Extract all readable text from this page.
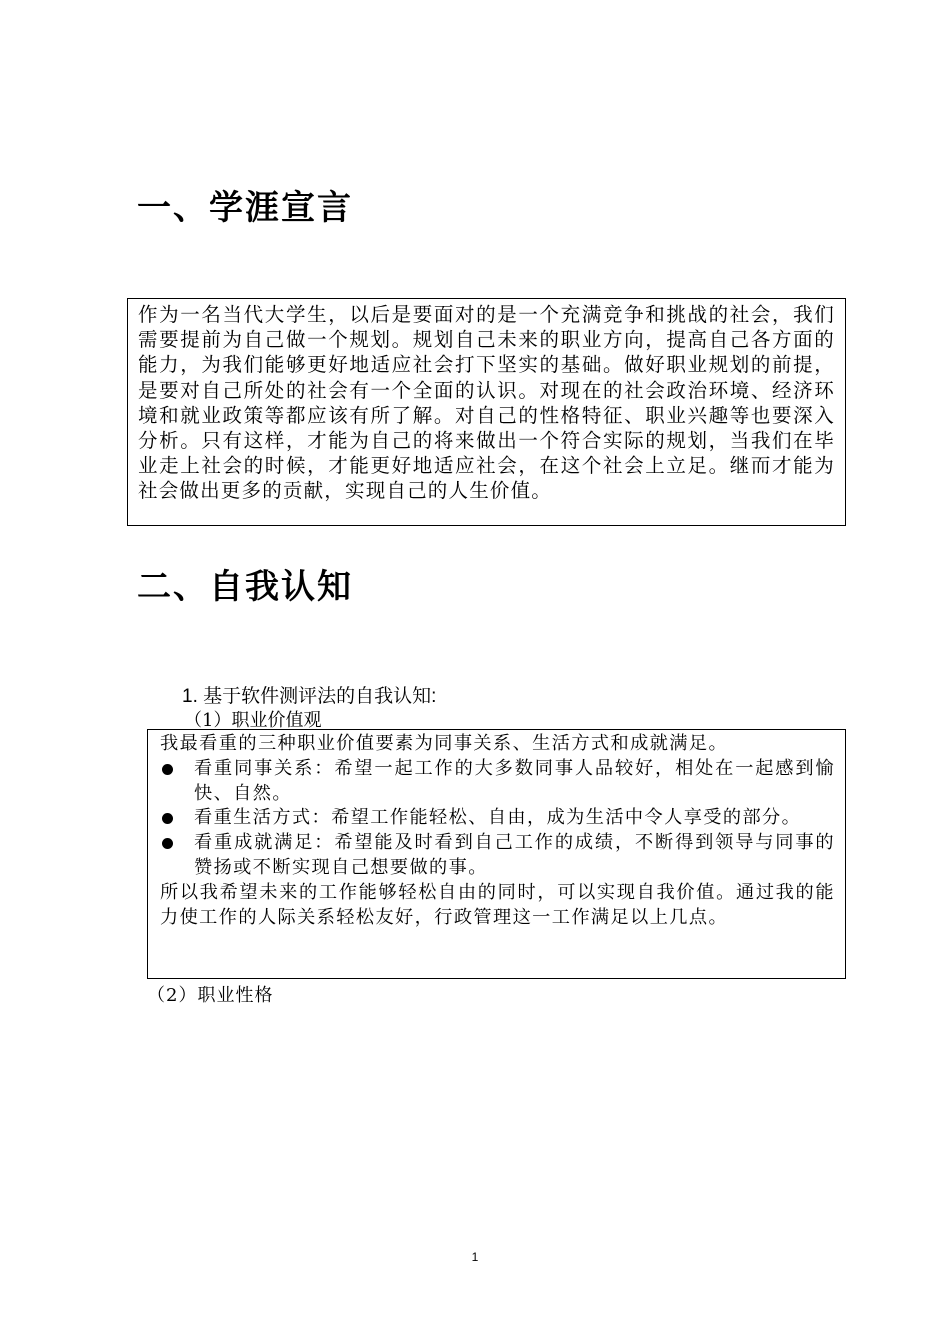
一、学涯宣言
作为一名当代大学生，以后是要面对的是一个充满竞争和挑战的社会，我们需要提前为自己做一个规划。规划自己未来的职业方向，提高自己各方面的能力，为我们能够更好地适应社会打下坚实的基础。做好职业规划的前提，是要对自己所处的社会有一个全面的认识。对现在的社会政治环境、经济环境和就业政策等都应该有所了解。对自己的性格特征、职业兴趣等也要深入分析。只有这样，才能为自己的将来做出一个符合实际的规划，当我们在毕业走上社会的时候，才能更好地适应社会，在这个社会上立足。继而才能为社会做出更多的贡献，实现自己的人生价值。
二、自我认知
1. 基于软件测评法的自我认知:
（1）职业价值观

我最看重的三种职业价值要素为同事关系、生活方式和成就满足。

看重同事关系：希望一起工作的大多数同事人品较好，相处在一起感到愉快、自然。
看重生活方式：希望工作能轻松、自由，成为生活中令人享受的部分。
看重成就满足：希望能及时看到自己工作的成绩，不断得到领导与同事的赞扬或不断实现自己想要做的事。

所以我希望未来的工作能够轻松自由的同时，可以实现自我价值。通过我的能力使工作的人际关系轻松友好，行政管理这一工作满足以上几点。

（2）职业性格
1
